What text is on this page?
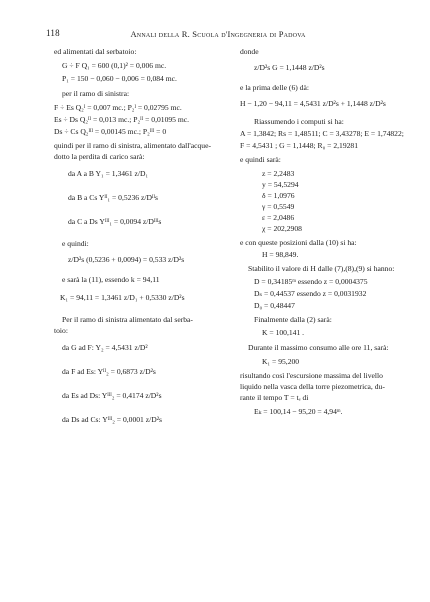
118	Annali della R. Scuola d'Ingegneria di Padova
ed alimentati dal serbatoio:
G ÷ F Q₁ = 600 (0,1)² = 0,006 mc.
P₁ = 150 − 0,060 − 0,006 = 0,084 mc.
per il ramo di sinistra:
F ÷ Es Q₂ᴵ = 0,007 mc.; P₂ᴵ = 0,02795 mc.
Es ÷ Ds Q₂ᴵᴵ = 0,013 mc.; P₂ᴵᴵ = 0,01095 mc.
Ds ÷ Cs Q₂ᴵᴵᴵ = 0,00145 mc.; P₂ᴵᴵᴵ = 0
quindi per il ramo di sinistra, alimentato dall'acque-
dotto la perdita di carico sarà:
da A a B Y₁ = 1,3461 z/D₁
da B a Cs Yᴵᴵ₁ = 0,5236 z/Dᴵᴵs
da C a Ds Yᴵᴵᴵ₁ = 0,0094 z/Dᴵᴵᴵs
e quindi:
z/D²s (0,5236 + 0,0094) = 0,533 z/D²s
e sarà la (11), essendo k = 94,11
K₁ = 94,11 = 1,3461 z/D₁ + 0,5330 z/D²s
Per il ramo di sinistra alimentato dal serba-
toio:
da G ad F: Y₂ = 4,5431 z/D²
da F ad Es: Yᴵᴵ₂ = 0,6873 z/D²s
da Es ad Ds: Yᴵᴵᴵ₂ = 0,4174 z/D²s
da Ds ad Cs: Yᴵᴵᴵ₂ = 0,0001 z/D²s
donde
z/D²s G = 1,1448 z/D²s
e la prima delle (6) dà:
H − 1,20 − 94,11 = 4,5431 z/D²s + 1,1448 z/D²s
Riassumendo i computi si ha:
A = 1,3842; Rs = 1,48511; C = 3,43278; E = 1,74822;
F = 4,5431 ; G = 1,1448; R₀ = 2,19281
e quindi sarà:
z = 2,2483
y = 54,5294
δ = 1,0976
γ = 0,5549
ε = 2,0486
χ = 202,2908
e con queste posizioni dalla (10) si ha:
H = 98,849.
Stabilito il valore di H dalle (7),(8),(9) si hanno:
D = 0,34185ᵐ essendo z = 0,0004375
Dₛ = 0,44537 essendo z = 0,0031932
D₀ = 0,48447
Finalmente dalla (2) sarà:
K = 100,141 .
Durante il massimo consumo alle ore 11, sarà:
K₁ = 95,200
risultando così l'escursione massima del livello
liquido nella vasca della torre piezometrica, du-
rante il tempo T = tₑ di
Eₖ = 100,14 − 95,20 = 4,94ᵐ.
